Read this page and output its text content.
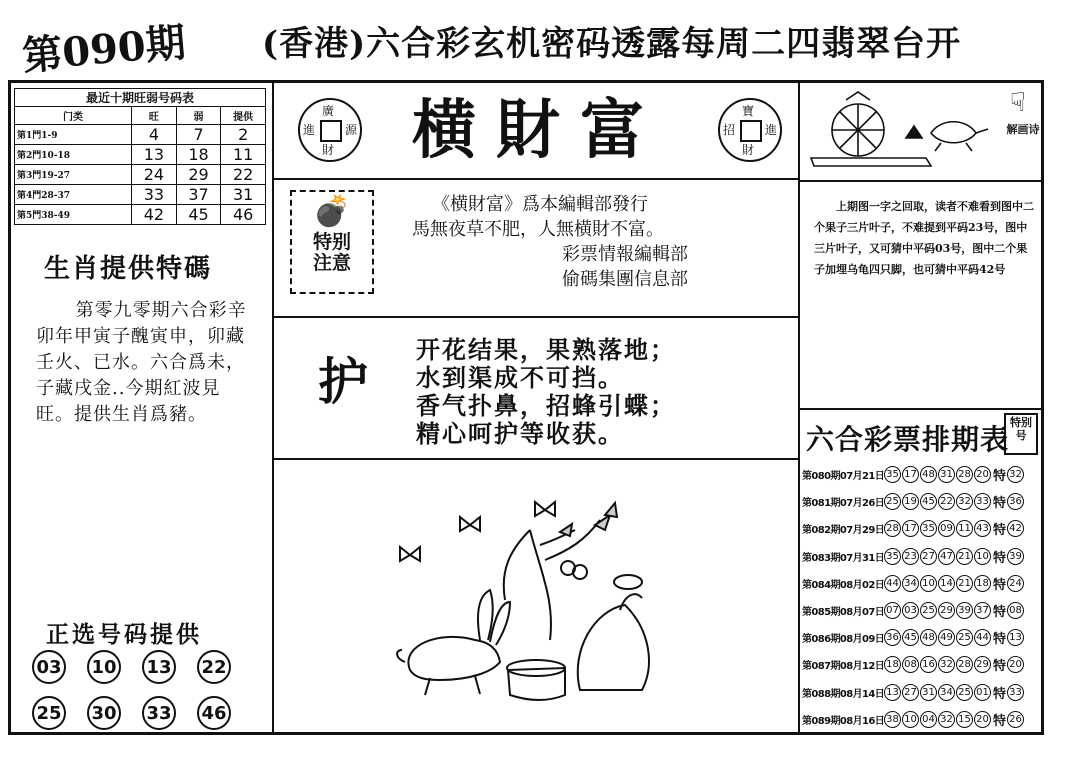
第090期 (香港)六合彩玄机密码透露每周二四翡翠台开
最近十期旺弱号码表			
门类	旺	弱	提供
第1門1-9	4	7	2
第2門10-18	13	18	11
第3門19-27	24	29	22
第4門28-37	33	37	31
第5門38-49	42	45	46
生肖提供特碼
第零九零期六合彩辛卯年甲寅子醜寅申，卯藏壬火、已水。六合爲未，子藏戌金..今期紅波見旺。提供生肖爲豬。
正选号码提供
03 10 13 22
25 30 33 46
廣
進 源
財	横財富	寶
招 進
財
💣
特别
注意
《横財富》爲本編輯部發行
馬無夜草不肥，人無横財不富。
彩票情報編輯部
偷碼集團信息部
护
开花结果，果熟落地；
水到渠成不可挡。
香气扑鼻，招蜂引蝶；
精心呵护等收获。
☟
解画诗
上期图一字之回取，读者不难看到图中二个果子三片叶子，不难提到平码23号，图中三片叶子，又可猜中平码03号，图中二个果子加埋乌龟四只脚，也可猜中平码42号
六合彩票排期表
特别号
第080期07月21日 35 17 48 31 28 20 特 32
第081期07月26日 25 19 45 22 32 33 特 36
第082期07月29日 28 17 35 09 11 43 特 42
第083期07月31日 35 23 27 47 21 10 特 39
第084期08月02日 44 34 10 14 21 18 特 24
第085期08月07日 07 03 25 29 39 37 特 08
第086期08月09日 36 45 48 49 25 44 特 13
第087期08月12日 18 08 16 32 28 29 特 20
第088期08月14日 13 27 31 34 25 01 特 33
第089期08月16日 38 10 04 32 15 20 特 26
